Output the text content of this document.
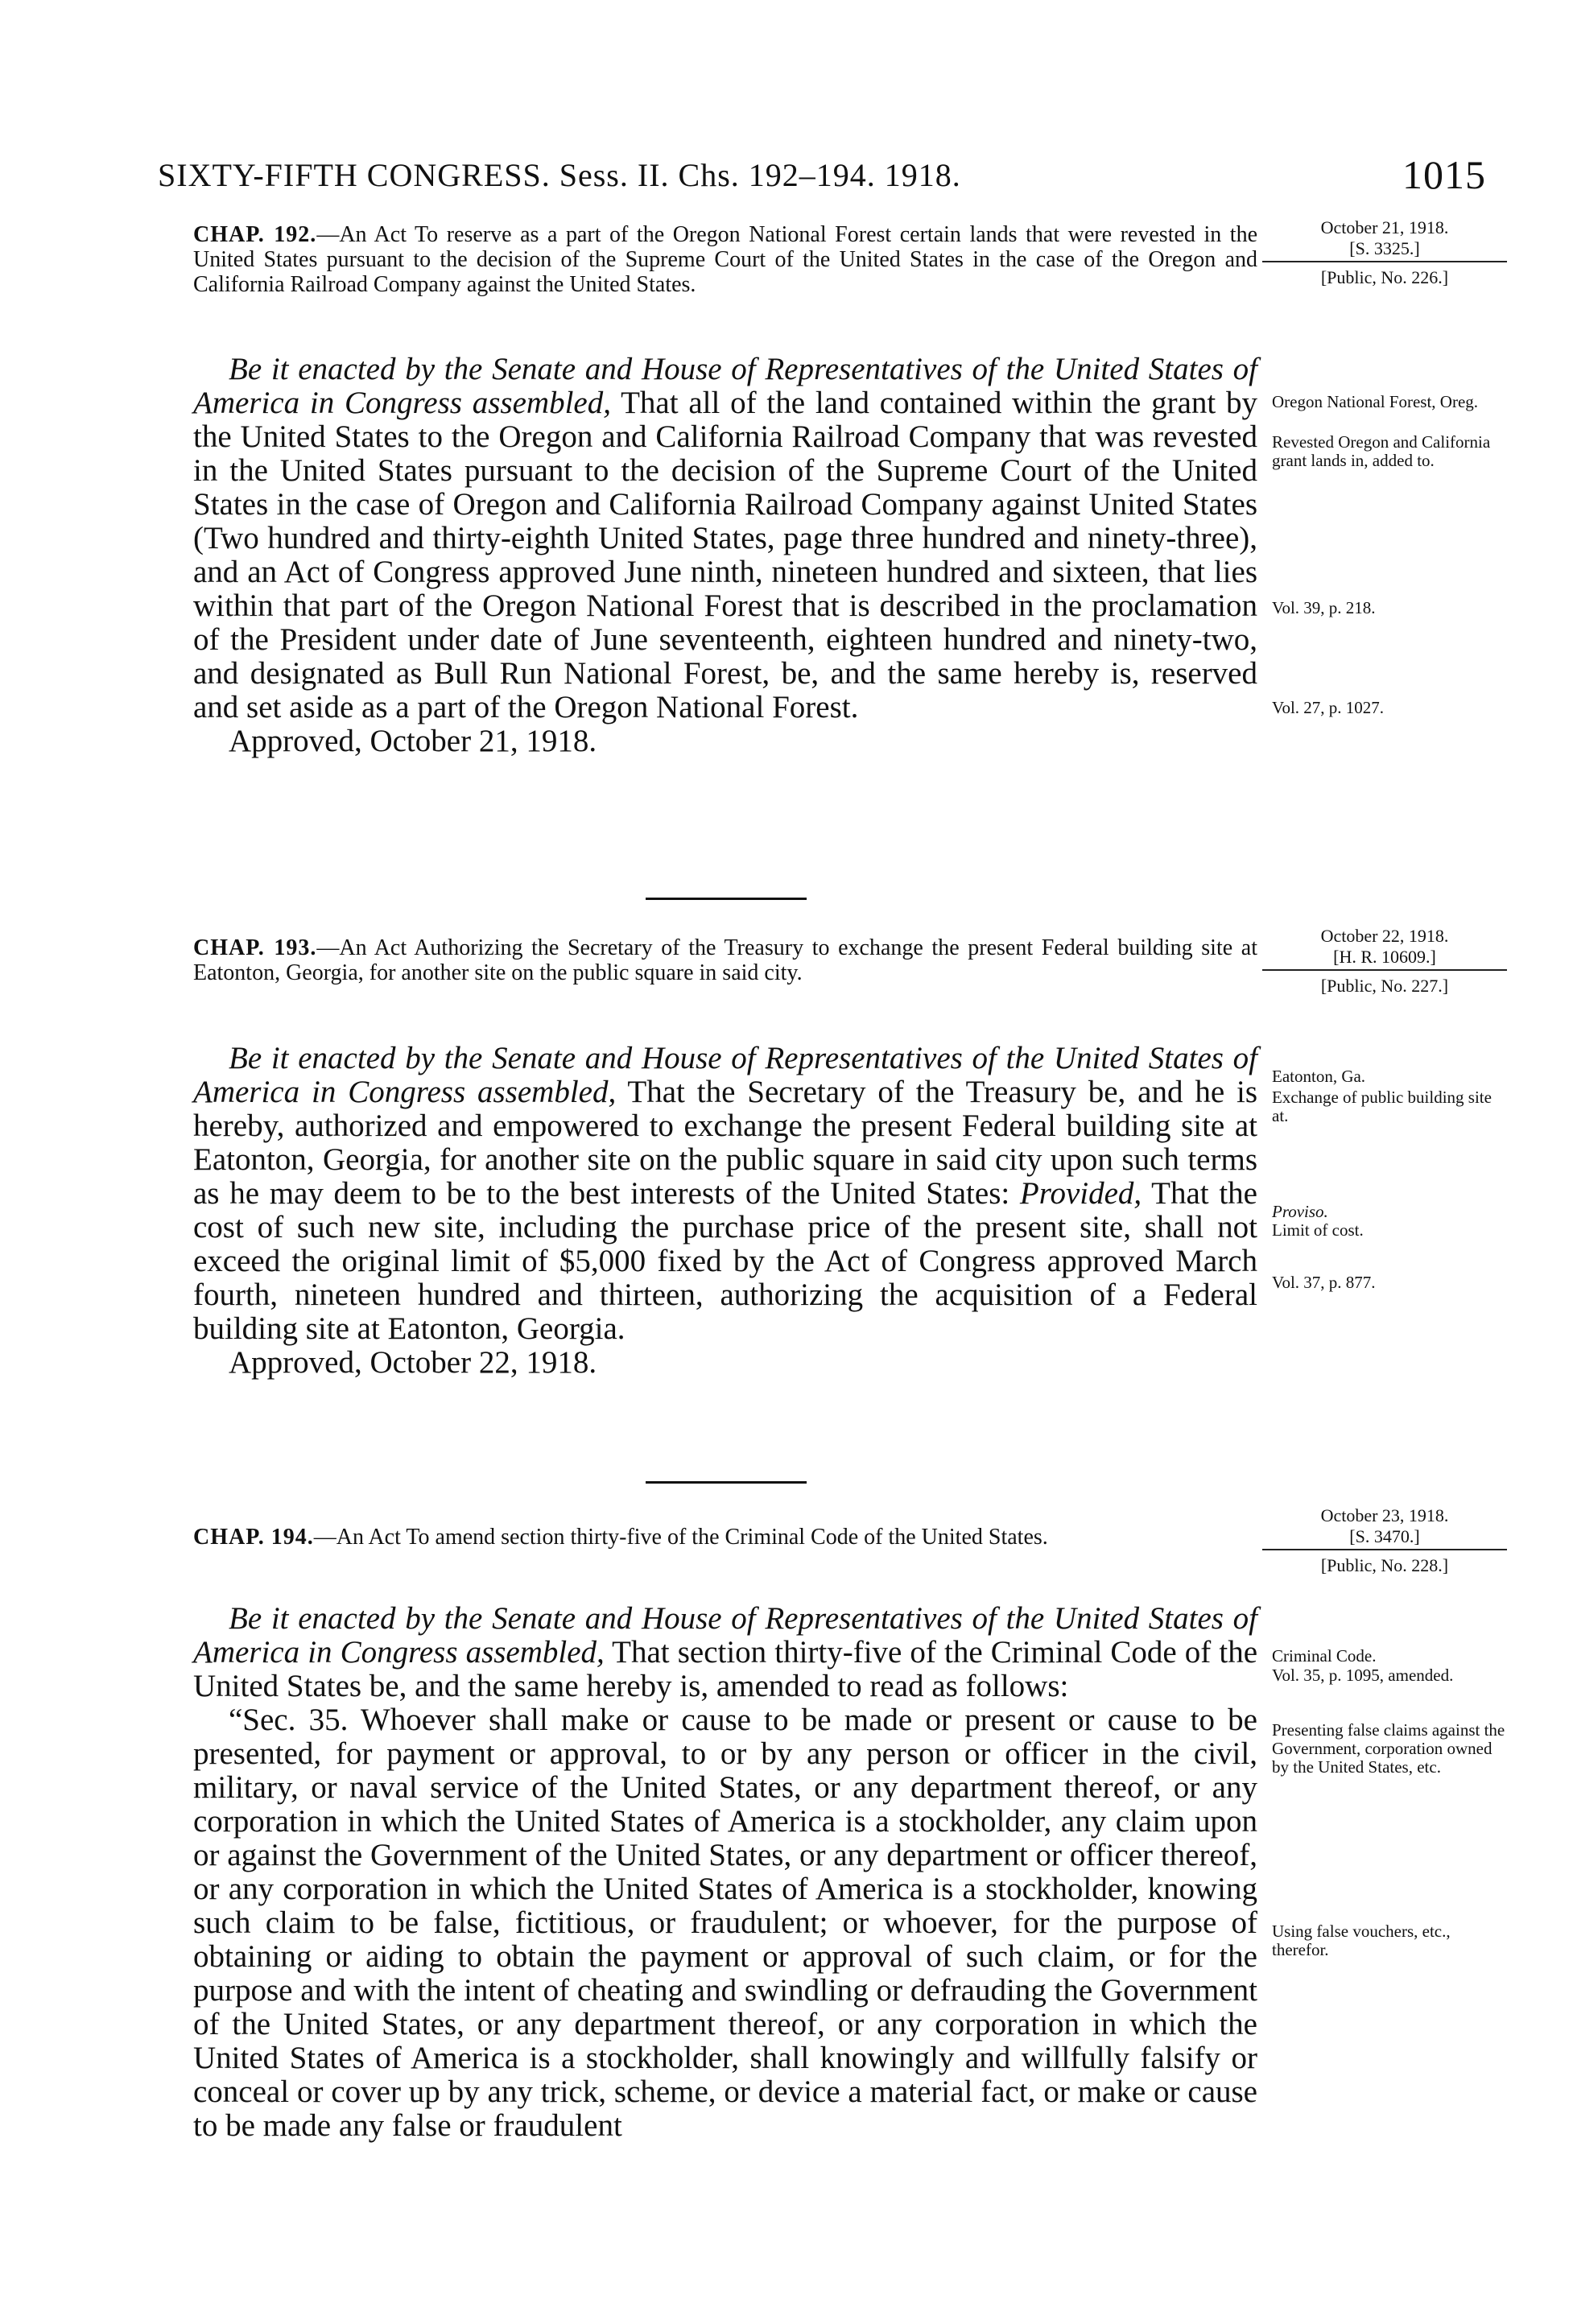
SIXTY-FIFTH CONGRESS. Sess. II. Chs. 192–194. 1918.	1015
CHAP. 192.—An Act To reserve as a part of the Oregon National Forest certain lands that were revested in the United States pursuant to the decision of the Supreme Court of the United States in the case of the Oregon and California Railroad Company against the United States.
October 21, 1918.
[S. 3325.]
[Public, No. 226.]

Be it enacted by the Senate and House of Representatives of the United States of America in Congress assembled, That all of the land contained within the grant by the United States to the Oregon and California Railroad Company that was revested in the United States pursuant to the decision of the Supreme Court of the United States in the case of Oregon and California Railroad Company against United States (Two hundred and thirty-eighth United States, page three hundred and ninety-three), and an Act of Congress approved June ninth, nineteen hundred and sixteen, that lies within that part of the Oregon National Forest that is described in the proclamation of the President under date of June seventeenth, eighteen hundred and ninety-two, and designated as Bull Run National Forest, be, and the same hereby is, reserved and set aside as a part of the Oregon National Forest.

Approved, October 21, 1918.

Oregon National Forest, Oreg.
Revested Oregon and California grant lands in, added to.
Vol. 39, p. 218.
Vol. 27, p. 1027.
CHAP. 193.—An Act Authorizing the Secretary of the Treasury to exchange the present Federal building site at Eatonton, Georgia, for another site on the public square in said city.
October 22, 1918.
[H. R. 10609.]
[Public, No. 227.]

Be it enacted by the Senate and House of Representatives of the United States of America in Congress assembled, That the Secretary of the Treasury be, and he is hereby, authorized and empowered to exchange the present Federal building site at Eatonton, Georgia, for another site on the public square in said city upon such terms as he may deem to be to the best interests of the United States: Provided, That the cost of such new site, including the purchase price of the present site, shall not exceed the original limit of $5,000 fixed by the Act of Congress approved March fourth, nineteen hundred and thirteen, authorizing the acquisition of a Federal building site at Eatonton, Georgia.

Approved, October 22, 1918.

Eatonton, Ga.
Exchange of public building site at.
Proviso.
Limit of cost.
Vol. 37, p. 877.
CHAP. 194.—An Act To amend section thirty-five of the Criminal Code of the United States.
October 23, 1918.
[S. 3470.]
[Public, No. 228.]

Be it enacted by the Senate and House of Representatives of the United States of America in Congress assembled, That section thirty-five of the Criminal Code of the United States be, and the same hereby is, amended to read as follows:

“Sec. 35. Whoever shall make or cause to be made or present or cause to be presented, for payment or approval, to or by any person or officer in the civil, military, or naval service of the United States, or any department thereof, or any corporation in which the United States of America is a stockholder, any claim upon or against the Government of the United States, or any department or officer thereof, or any corporation in which the United States of America is a stockholder, knowing such claim to be false, fictitious, or fraudulent; or whoever, for the purpose of obtaining or aiding to obtain the payment or approval of such claim, or for the purpose and with the intent of cheating and swindling or defrauding the Government of the United States, or any department thereof, or any corporation in which the United States of America is a stockholder, shall knowingly and willfully falsify or conceal or cover up by any trick, scheme, or device a material fact, or make or cause to be made any false or fraudulent

Criminal Code.
Vol. 35, p. 1095, amended.
Presenting false claims against the Government, corporation owned by the United States, etc.
Using false vouchers, etc., therefor.
